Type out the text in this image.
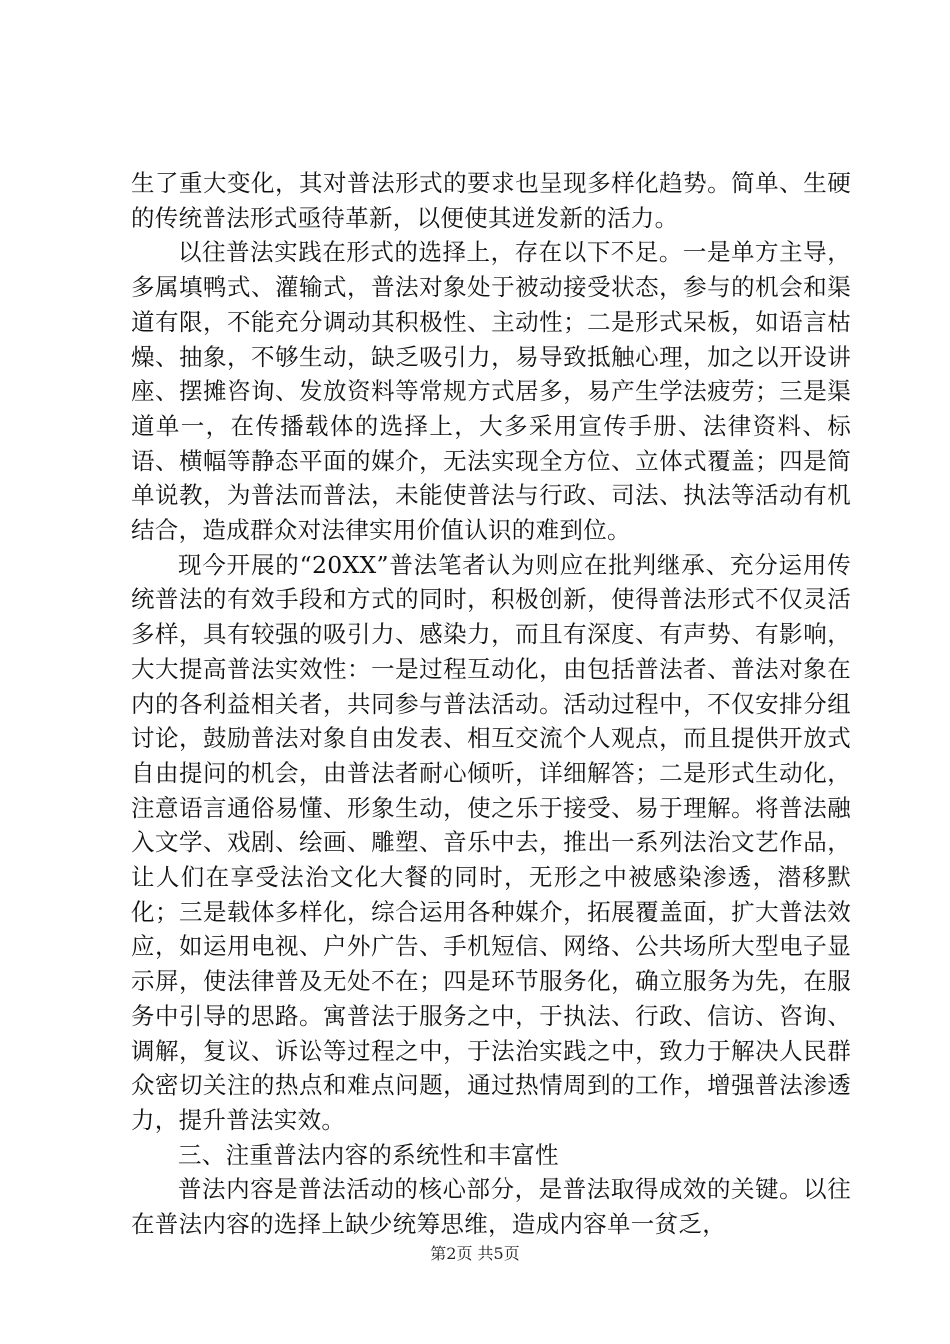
生了重大变化，其对普法形式的要求也呈现多样化趋势。简单、生硬的传统普法形式亟待革新，以便使其迸发新的活力。

以往普法实践在形式的选择上，存在以下不足。一是单方主导，多属填鸭式、灌输式，普法对象处于被动接受状态，参与的机会和渠道有限，不能充分调动其积极性、主动性；二是形式呆板，如语言枯燥、抽象，不够生动，缺乏吸引力，易导致抵触心理，加之以开设讲座、摆摊咨询、发放资料等常规方式居多，易产生学法疲劳；三是渠道单一，在传播载体的选择上，大多采用宣传手册、法律资料、标语、横幅等静态平面的媒介，无法实现全方位、立体式覆盖；四是简单说教，为普法而普法，未能使普法与行政、司法、执法等活动有机结合，造成群众对法律实用价值认识的难到位。

现今开展的“20XX”普法笔者认为则应在批判继承、充分运用传统普法的有效手段和方式的同时，积极创新，使得普法形式不仅灵活多样，具有较强的吸引力、感染力，而且有深度、有声势、有影响，大大提高普法实效性：一是过程互动化，由包括普法者、普法对象在内的各利益相关者，共同参与普法活动。活动过程中，不仅安排分组讨论，鼓励普法对象自由发表、相互交流个人观点，而且提供开放式自由提问的机会，由普法者耐心倾听，详细解答；二是形式生动化，注意语言通俗易懂、形象生动，使之乐于接受、易于理解。将普法融入文学、戏剧、绘画、雕塑、音乐中去，推出一系列法治文艺作品，让人们在享受法治文化大餐的同时，无形之中被感染渗透，潜移默化；三是载体多样化，综合运用各种媒介，拓展覆盖面，扩大普法效应，如运用电视、户外广告、手机短信、网络、公共场所大型电子显示屏，使法律普及无处不在；四是环节服务化，确立服务为先，在服务中引导的思路。寓普法于服务之中，于执法、行政、信访、咨询、调解，复议、诉讼等过程之中，于法治实践之中，致力于解决人民群众密切关注的热点和难点问题，通过热情周到的工作，增强普法渗透力，提升普法实效。

三、注重普法内容的系统性和丰富性

普法内容是普法活动的核心部分，是普法取得成效的关键。以往在普法内容的选择上缺少统筹思维，造成内容单一贫乏，

第2页 共5页
